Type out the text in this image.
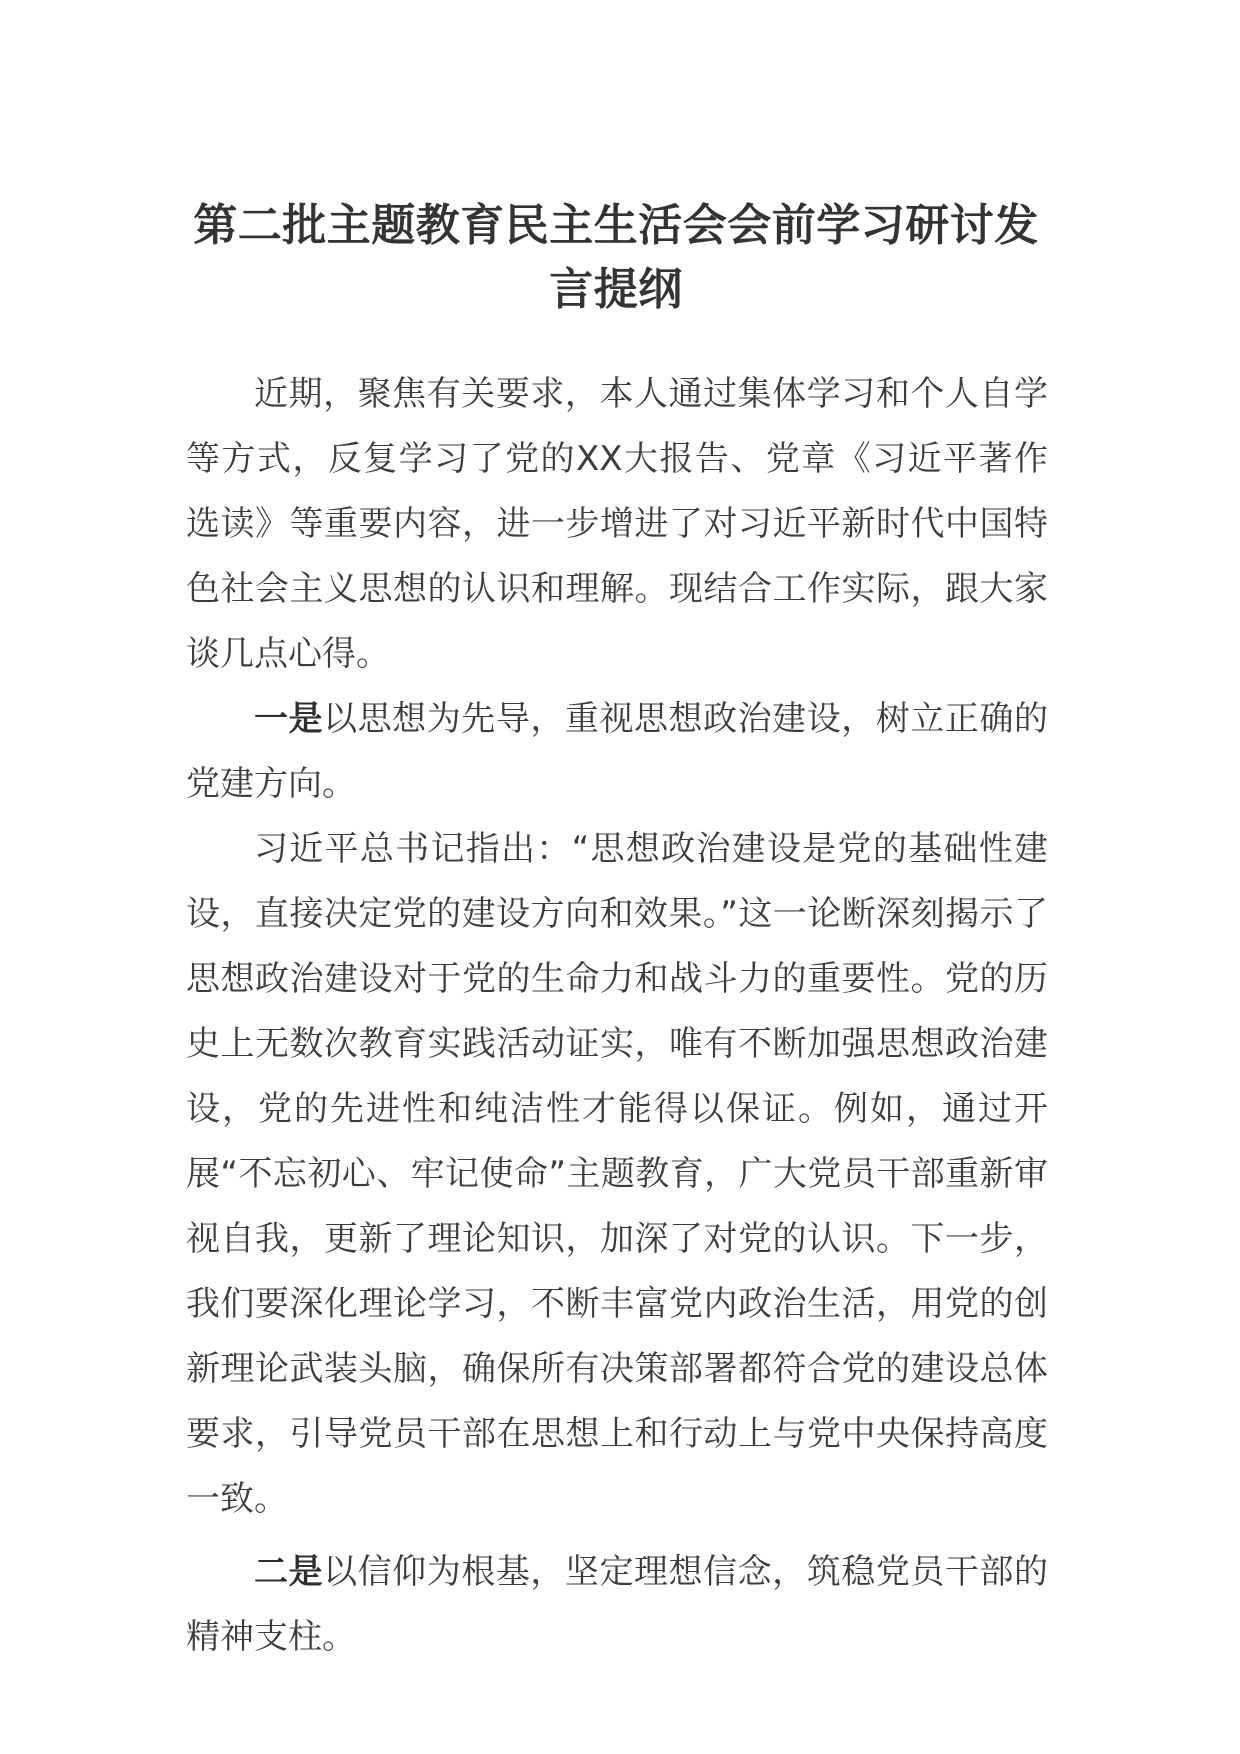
第二批主题教育民主生活会会前学习研讨发言提纲

近期，聚焦有关要求，本人通过集体学习和个人自学等方式，反复学习了党的XX大报告、党章《习近平著作选读》等重要内容，进一步增进了对习近平新时代中国特色社会主义思想的认识和理解。现结合工作实际，跟大家谈几点心得。

一是以思想为先导，重视思想政治建设，树立正确的党建方向。

习近平总书记指出：“思想政治建设是党的基础性建设，直接决定党的建设方向和效果。”这一论断深刻揭示了思想政治建设对于党的生命力和战斗力的重要性。党的历史上无数次教育实践活动证实，唯有不断加强思想政治建设，党的先进性和纯洁性才能得以保证。例如，通过开展“不忘初心、牢记使命”主题教育，广大党员干部重新审视自我，更新了理论知识，加深了对党的认识。下一步，我们要深化理论学习，不断丰富党内政治生活，用党的创新理论武装头脑，确保所有决策部署都符合党的建设总体要求，引导党员干部在思想上和行动上与党中央保持高度一致。

二是以信仰为根基，坚定理想信念，筑稳党员干部的精神支柱。
